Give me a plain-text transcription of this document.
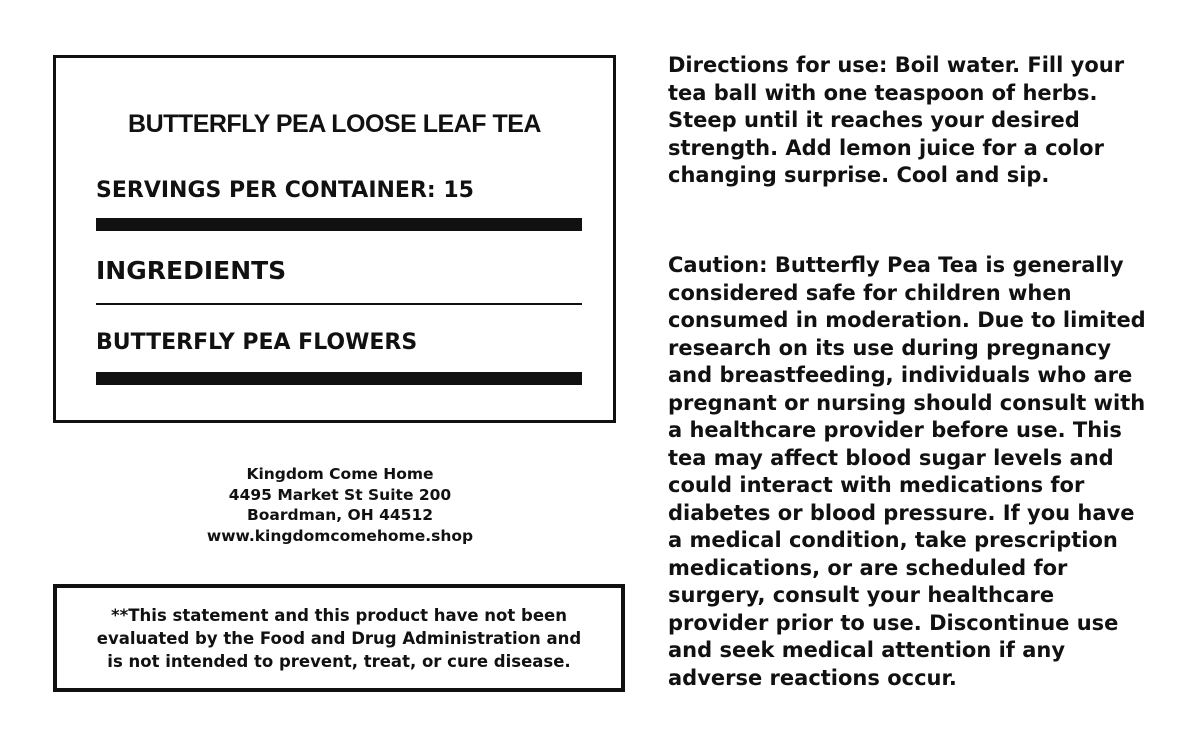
BUTTERFLY PEA LOOSE LEAF TEA
SERVINGS PER CONTAINER: 15
INGREDIENTS
BUTTERFLY PEA FLOWERS
Kingdom Come Home
4495 Market St Suite 200
Boardman, OH 44512
www.kingdomcomehome.shop
**This statement and this product have not been
evaluated by the Food and Drug Administration and
is not intended to prevent, treat, or cure disease.
Directions for use: Boil water. Fill your
tea ball with one teaspoon of herbs.
Steep until it reaches your desired
strength. Add lemon juice for a color
changing surprise. Cool and sip.
Caution: Butterfly Pea Tea is generally
considered safe for children when
consumed in moderation. Due to limited
research on its use during pregnancy
and breastfeeding, individuals who are
pregnant or nursing should consult with
a healthcare provider before use. This
tea may affect blood sugar levels and
could interact with medications for
diabetes or blood pressure. If you have
a medical condition, take prescription
medications, or are scheduled for
surgery, consult your healthcare
provider prior to use. Discontinue use
and seek medical attention if any
adverse reactions occur.
